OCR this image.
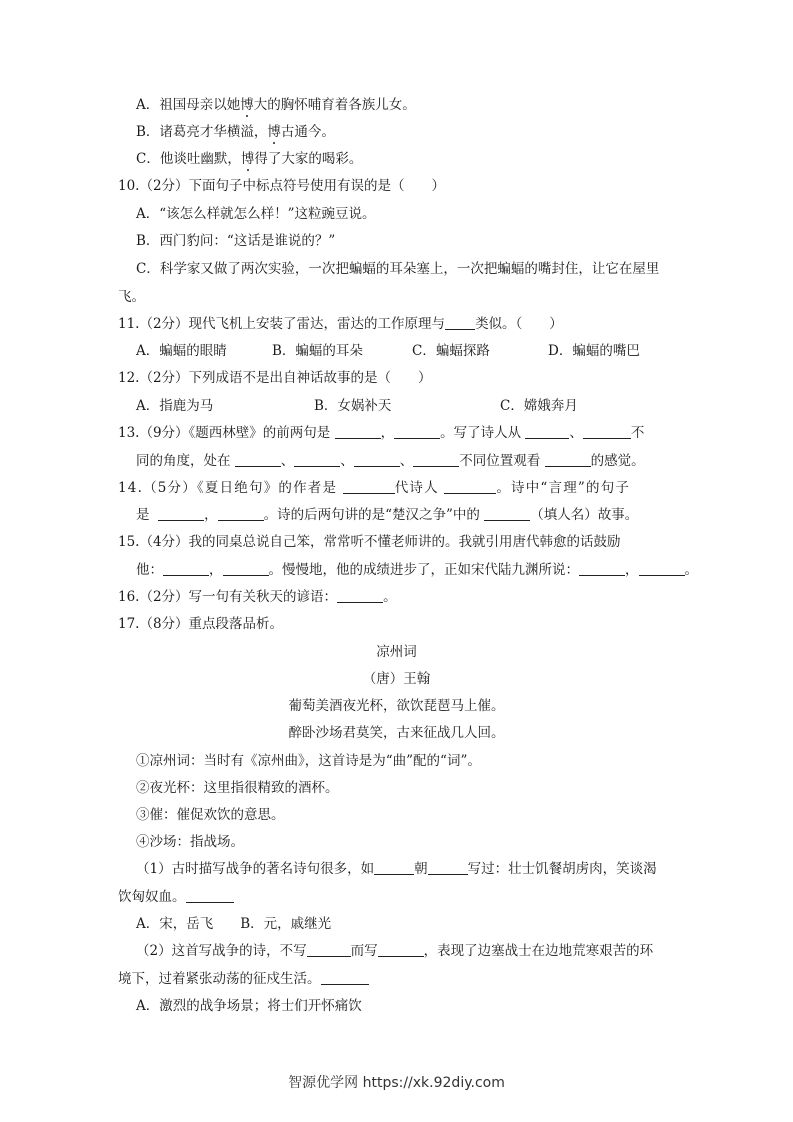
A．祖国母亲以她博大的胸怀哺育着各族儿女。
B．诸葛亮才华横溢，博古通今。
C．他谈吐幽默，博得了大家的喝彩。
10.（2分）下面句子中标点符号使用有误的是（　　）
A．“该怎么样就怎么样！”这粒豌豆说。
B．西门豹问：“这话是谁说的？”
C．科学家又做了两次实验，一次把蝙蝠的耳朵塞上，一次把蝙蝠的嘴封住，让它在屋里
飞。
11.（2分）现代飞机上安装了雷达，雷达的工作原理与 类似。（　　）
A．蝙蝠的眼睛	B．蝙蝠的耳朵	C．蝙蝠探路	D．蝙蝠的嘴巴
12.（2分）下列成语不是出自神话故事的是（　　）
A．指鹿为马	B．女娲补天	C．嫦娥奔月
13.（9分）《题西林壁》的前两句是	，	。写了诗人从	、	不
同的角度，处在	、	、	、	不同位置观看	的感觉。
14.（5分）《夏日绝句》的作者是	代诗人	。诗中“言理”的句子
是	，	。诗的后两句讲的是“楚汉之争”中的	（填人名）故事。
15.（4分）我的同桌总说自己笨，常常听不懂老师讲的。我就引用唐代韩愈的话鼓励
他：	，	。慢慢地，他的成绩进步了，正如宋代陆九渊所说：	，	。
16.（2分）写一句有关秋天的谚语：	。
17.（8分）重点段落品析。
凉州词
（唐）王翰
葡萄美酒夜光杯，欲饮琵琶马上催。
醉卧沙场君莫笑，古来征战几人回。
①凉州词：当时有《凉州曲》，这首诗是为“曲”配的“词”。
②夜光杯：这里指很精致的酒杯。
③催：催促欢饮的意思。
④沙场：指战场。
（1）古时描写战争的著名诗句很多，如	朝	写过：壮士饥餐胡虏肉，笑谈渴
饮匈奴血。
A．宋，岳飞　　B．元，戚继光
（2）这首写战争的诗，不写	而写	，表现了边塞战士在边地荒寒艰苦的环
境下，过着紧张动荡的征戍生活。
A．激烈的战争场景；将士们开怀痛饮
智源优学网 https://xk.92diy.com
